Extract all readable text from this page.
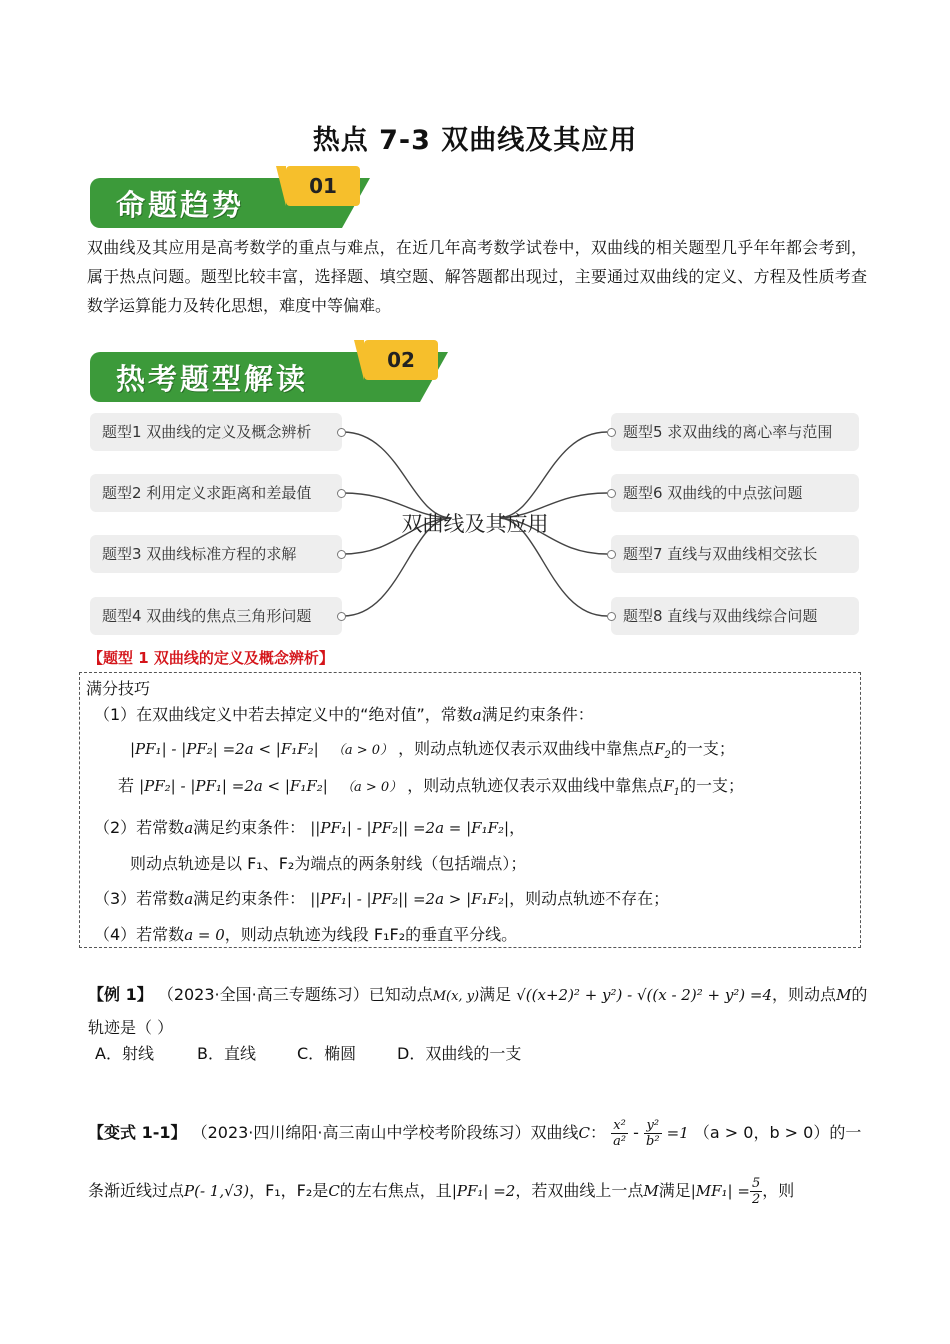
热点 7-3 双曲线及其应用
命题趋势
01
双曲线及其应用是高考数学的重点与难点，在近几年高考数学试卷中，双曲线的相关题型几乎年年都会考到，属于热点问题。题型比较丰富，选择题、填空题、解答题都出现过，主要通过双曲线的定义、方程及性质考查数学运算能力及转化思想，难度中等偏难。
热考题型解读
02
题型1 双曲线的定义及概念辨析
题型2 利用定义求距离和差最值
题型3 双曲线标准方程的求解
题型4 双曲线的焦点三角形问题
题型5 求双曲线的离心率与范围
题型6 双曲线的中点弦问题
题型7 直线与双曲线相交弦长
题型8 直线与双曲线综合问题
双曲线及其应用
【题型 1 双曲线的定义及概念辨析】
满分技巧
（1）在双曲线定义中若去掉定义中的“绝对值”，常数a满足约束条件：
|PF₁| - |PF₂| =2a < |F₁F₂| （a > 0） ，则动点轨迹仅表示双曲线中靠焦点$F_2$的一支；
若 |PF₂| - |PF₁| =2a < |F₁F₂| （a > 0） ，则动点轨迹仅表示双曲线中靠焦点$F_1$的一支；
（2）若常数a满足约束条件： ||PF₁| - |PF₂|| =2a = |F₁F₂|，
则动点轨迹是以 F₁、F₂为端点的两条射线（包括端点）；
（3）若常数a满足约束条件： ||PF₁| - |PF₂|| =2a > |F₁F₂|，则动点轨迹不存在；
（4）若常数a = 0，则动点轨迹为线段 F₁F₂的垂直平分线。
【例 1】 （2023·全国·高三专题练习）已知动点M(x, y)满足 √((x+2)² + y²) - √((x - 2)² + y²) =4，则动点M的
轨迹是（ ）
A．射线	B．直线	C．椭圆	D．双曲线的一支
【变式 1-1】 （2023·四川绵阳·高三南山中学校考阶段练习）双曲线C： $\frac{\text{x²}}{\text{a²}} - \frac{\text{y²}}{\text{b²}} =1$ （a > 0，b > 0）的一
条渐近线过点P(- 1,√3)，F₁，F₂是C的左右焦点，且|PF₁| =2，若双曲线上一点M满足$|MF_1| = \frac{5}{2}$ ，则
